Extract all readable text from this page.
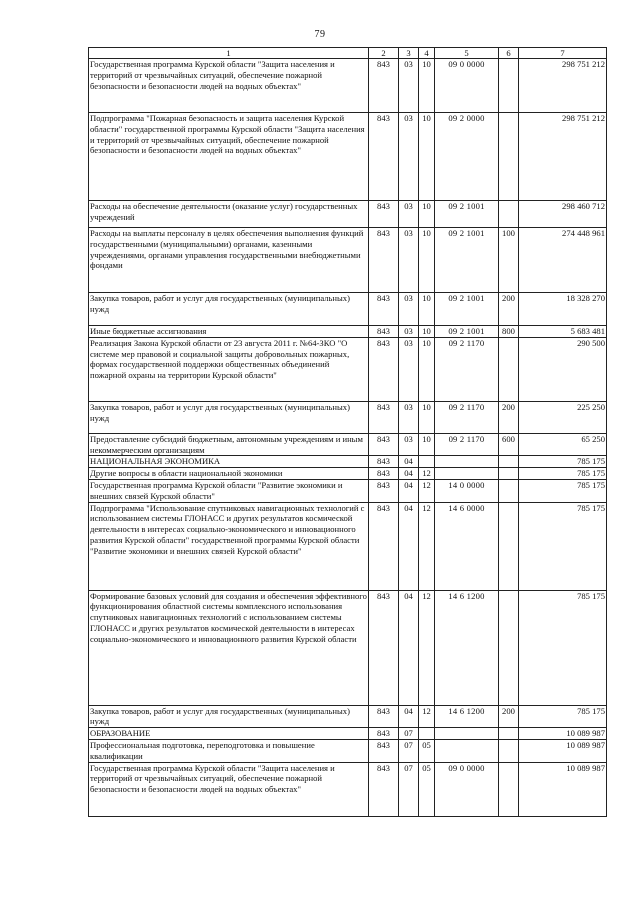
79
1	2	3	4	5	6	7
Государственная программа Курской области "Защита населения и территорий от чрезвычайных ситуаций, обеспечение пожарной безопасности и безопасности людей на водных объектах"	843	03	10	09 0 0000		298 751 212
Подпрограмма "Пожарная безопасность и защита населения Курской области" государственной программы Курской области "Защита населения и территорий от чрезвычайных ситуаций, обеспечение пожарной безопасности и безопасности людей на водных объектах"	843	03	10	09 2 0000		298 751 212
Расходы на обеспечение деятельности (оказание услуг) государственных учреждений	843	03	10	09 2 1001		298 460 712
Расходы на выплаты персоналу в целях обеспечения выполнения функций государственными (муниципальными) органами, казенными учреждениями, органами управления государственными внебюджетными фондами	843	03	10	09 2 1001	100	274 448 961
Закупка товаров, работ и услуг для государственных (муниципальных) нужд	843	03	10	09 2 1001	200	18 328 270
Иные бюджетные ассигнования	843	03	10	09 2 1001	800	5 683 481
Реализация Закона Курской области от 23 августа 2011 г. №64-ЗКО "О системе мер правовой и социальной защиты добровольных пожарных, формах государственной поддержки общественных объединений пожарной охраны на территории Курской области"	843	03	10	09 2 1170		290 500
Закупка товаров, работ и услуг для государственных (муниципальных) нужд	843	03	10	09 2 1170	200	225 250
Предоставление субсидий бюджетным, автономным учреждениям и иным некоммерческим организациям	843	03	10	09 2 1170	600	65 250
НАЦИОНАЛЬНАЯ ЭКОНОМИКА	843	04				785 175
Другие вопросы в области национальной экономики	843	04	12			785 175
Государственная программа Курской области "Развитие экономики и внешних связей Курской области"	843	04	12	14 0 0000		785 175
Подпрограмма "Использование спутниковых навигационных технологий с использованием системы ГЛОНАСС и других результатов космической деятельности в интересах социально-экономического и инновационного развития Курской области" государственной программы Курской области "Развитие экономики и внешних связей Курской области"	843	04	12	14 6 0000		785 175
Формирование базовых условий для создания и обеспечения эффективного функционирования областной системы комплексного использования спутниковых навигационных технологий с использованием системы ГЛОНАСС и других результатов космической деятельности в интересах социально-экономического и инновационного развития Курской области	843	04	12	14 6 1200		785 175
Закупка товаров, работ и услуг для государственных (муниципальных) нужд	843	04	12	14 6 1200	200	785 175
ОБРАЗОВАНИЕ	843	07				10 089 987
Профессиональная подготовка, переподготовка и повышение квалификации	843	07	05			10 089 987
Государственная программа Курской области "Защита населения и территорий от чрезвычайных ситуаций, обеспечение пожарной безопасности и безопасности людей на водных объектах"	843	07	05	09 0 0000		10 089 987
